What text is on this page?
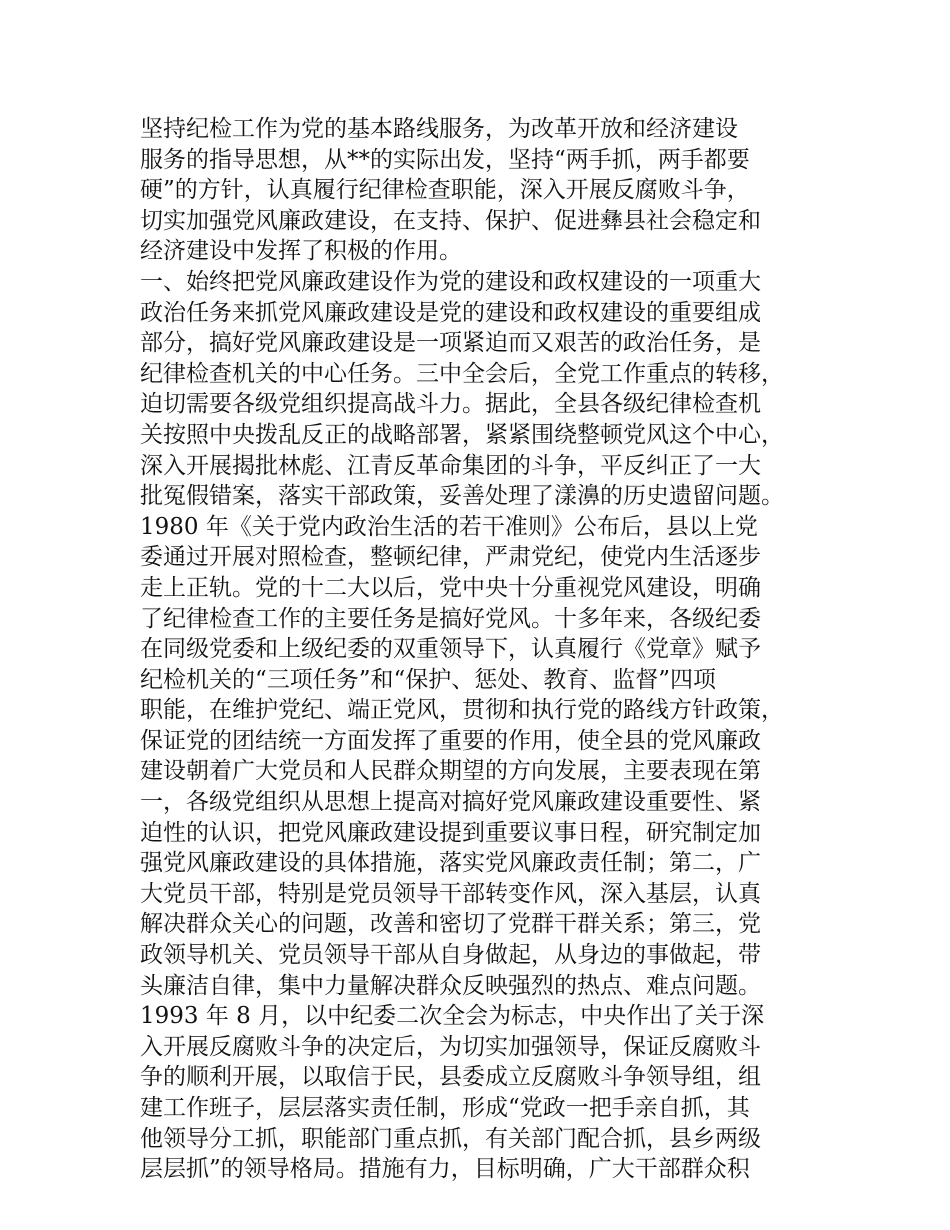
坚持纪检工作为党的基本路线服务，为改革开放和经济建设
服务的指导思想，从**的实际出发，坚持“两手抓，两手都要
硬”的方针，认真履行纪律检查职能，深入开展反腐败斗争，
切实加强党风廉政建设，在支持、保护、促进彝县社会稳定和
经济建设中发挥了积极的作用。
一、始终把党风廉政建设作为党的建设和政权建设的一项重大
政治任务来抓党风廉政建设是党的建设和政权建设的重要组成
部分，搞好党风廉政建设是一项紧迫而又艰苦的政治任务，是
纪律检查机关的中心任务。三中全会后，全党工作重点的转移，
迫切需要各级党组织提高战斗力。据此，全县各级纪律检查机
关按照中央拨乱反正的战略部署，紧紧围绕整顿党风这个中心，
深入开展揭批林彪、江青反革命集团的斗争，平反纠正了一大
批冤假错案，落实干部政策，妥善处理了漾濞的历史遗留问题。
1980 年《关于党内政治生活的若干准则》公布后，县以上党
委通过开展对照检查，整顿纪律，严肃党纪，使党内生活逐步
走上正轨。党的十二大以后，党中央十分重视党风建设，明确
了纪律检查工作的主要任务是搞好党风。十多年来，各级纪委
在同级党委和上级纪委的双重领导下，认真履行《党章》赋予
纪检机关的“三项任务”和“保护、惩处、教育、监督”四项
职能，在维护党纪、端正党风，贯彻和执行党的路线方针政策，
保证党的团结统一方面发挥了重要的作用，使全县的党风廉政
建设朝着广大党员和人民群众期望的方向发展，主要表现在第
一，各级党组织从思想上提高对搞好党风廉政建设重要性、紧
迫性的认识，把党风廉政建设提到重要议事日程，研究制定加
强党风廉政建设的具体措施，落实党风廉政责任制；第二，广
大党员干部，特别是党员领导干部转变作风，深入基层，认真
解决群众关心的问题，改善和密切了党群干群关系；第三，党
政领导机关、党员领导干部从自身做起，从身边的事做起，带
头廉洁自律，集中力量解决群众反映强烈的热点、难点问题。
1993 年 8 月，以中纪委二次全会为标志，中央作出了关于深
入开展反腐败斗争的决定后，为切实加强领导，保证反腐败斗
争的顺利开展，以取信于民，县委成立反腐败斗争领导组，组
建工作班子，层层落实责任制，形成“党政一把手亲自抓，其
他领导分工抓，职能部门重点抓，有关部门配合抓，县乡两级
层层抓”的领导格局。措施有力，目标明确，广大干部群众积
